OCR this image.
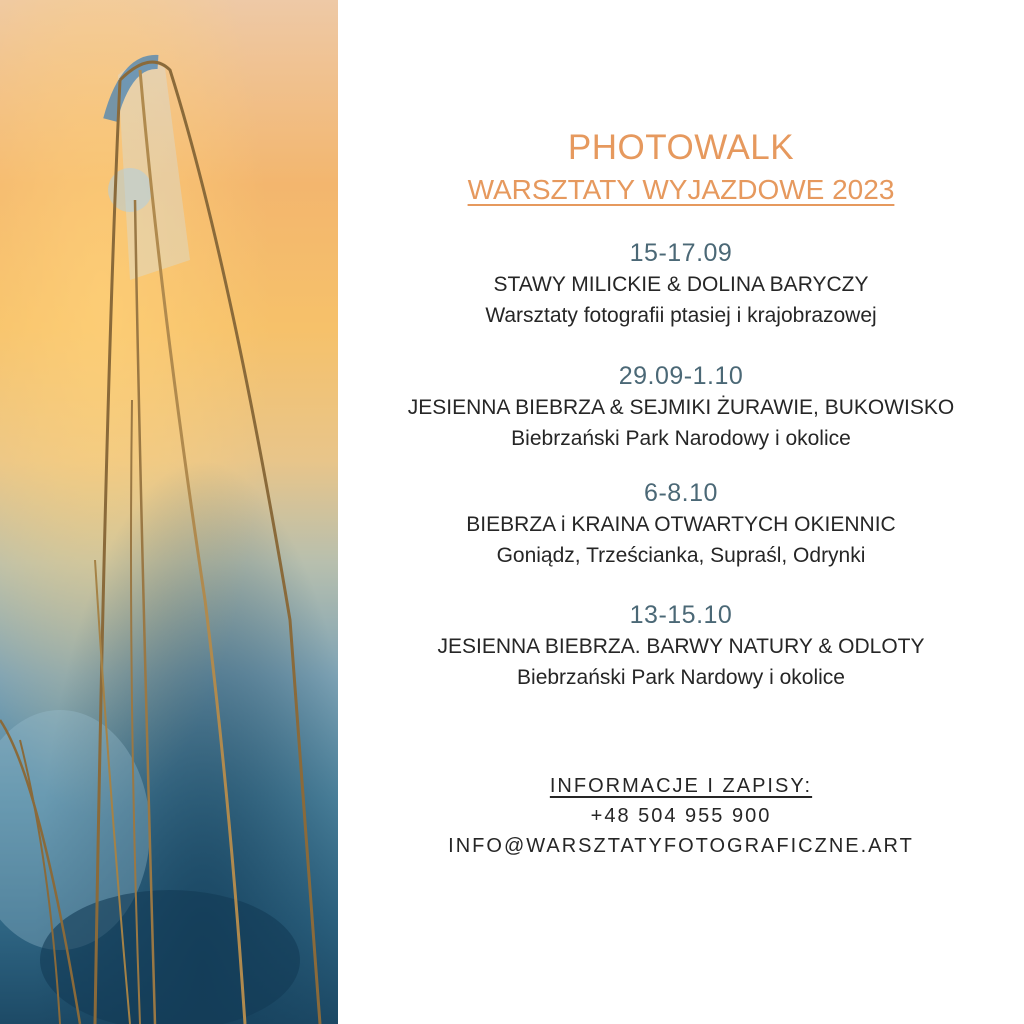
PHOTOWALK
WARSZTATY WYJAZDOWE 2023
15-17.09
STAWY MILICKIE & DOLINA BARYCZY
Warsztaty fotografii ptasiej i krajobrazowej
29.09-1.10
JESIENNA BIEBRZA & SEJMIKI ŻURAWIE, BUKOWISKO
Biebrzański Park Narodowy i okolice
6-8.10
BIEBRZA i KRAINA OTWARTYCH OKIENNIC
Goniądz, Trześcianka, Supraśl, Odrynki
13-15.10
JESIENNA BIEBRZA. BARWY NATURY & ODLOTY
Biebrzański Park Nardowy i okolice
INFORMACJE I ZAPISY:
+48 504 955 900
INFO@WARSZTATYFOTOGRAFICZNE.ART
